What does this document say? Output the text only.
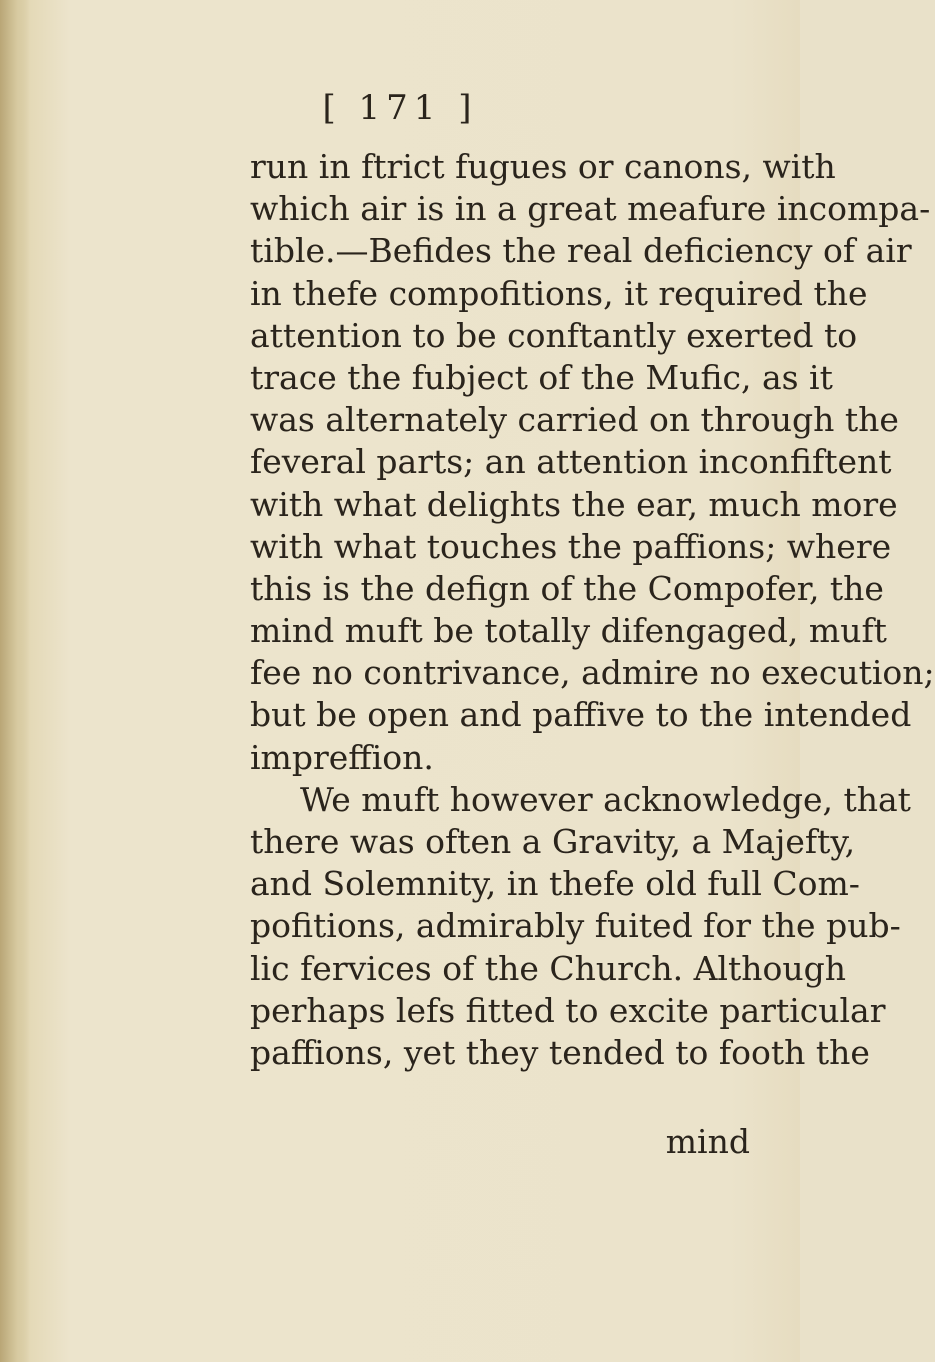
[ 171 ]
run in ftrict fugues or canons, with
which air is in a great meafure incompa-
tible.—Befides the real deficiency of air
in thefe compofitions, it required the
attention to be conftantly exerted to
trace the fubject of the Mufic, as it
was alternately carried on through the
feveral parts; an attention inconfiftent
with what delights the ear, much more
with what touches the paffions; where
this is the defign of the Compofer, the
mind muft be totally difengaged, muft
fee no contrivance, admire no execution;
but be open and paffive to the intended
impreffion.
We muft however acknowledge, that
there was often a Gravity, a Majefty,
and Solemnity, in thefe old full Com-
pofitions, admirably fuited for the pub-
lic fervices of the Church. Although
perhaps lefs fitted to excite particular
paffions, yet they tended to footh the
mind
